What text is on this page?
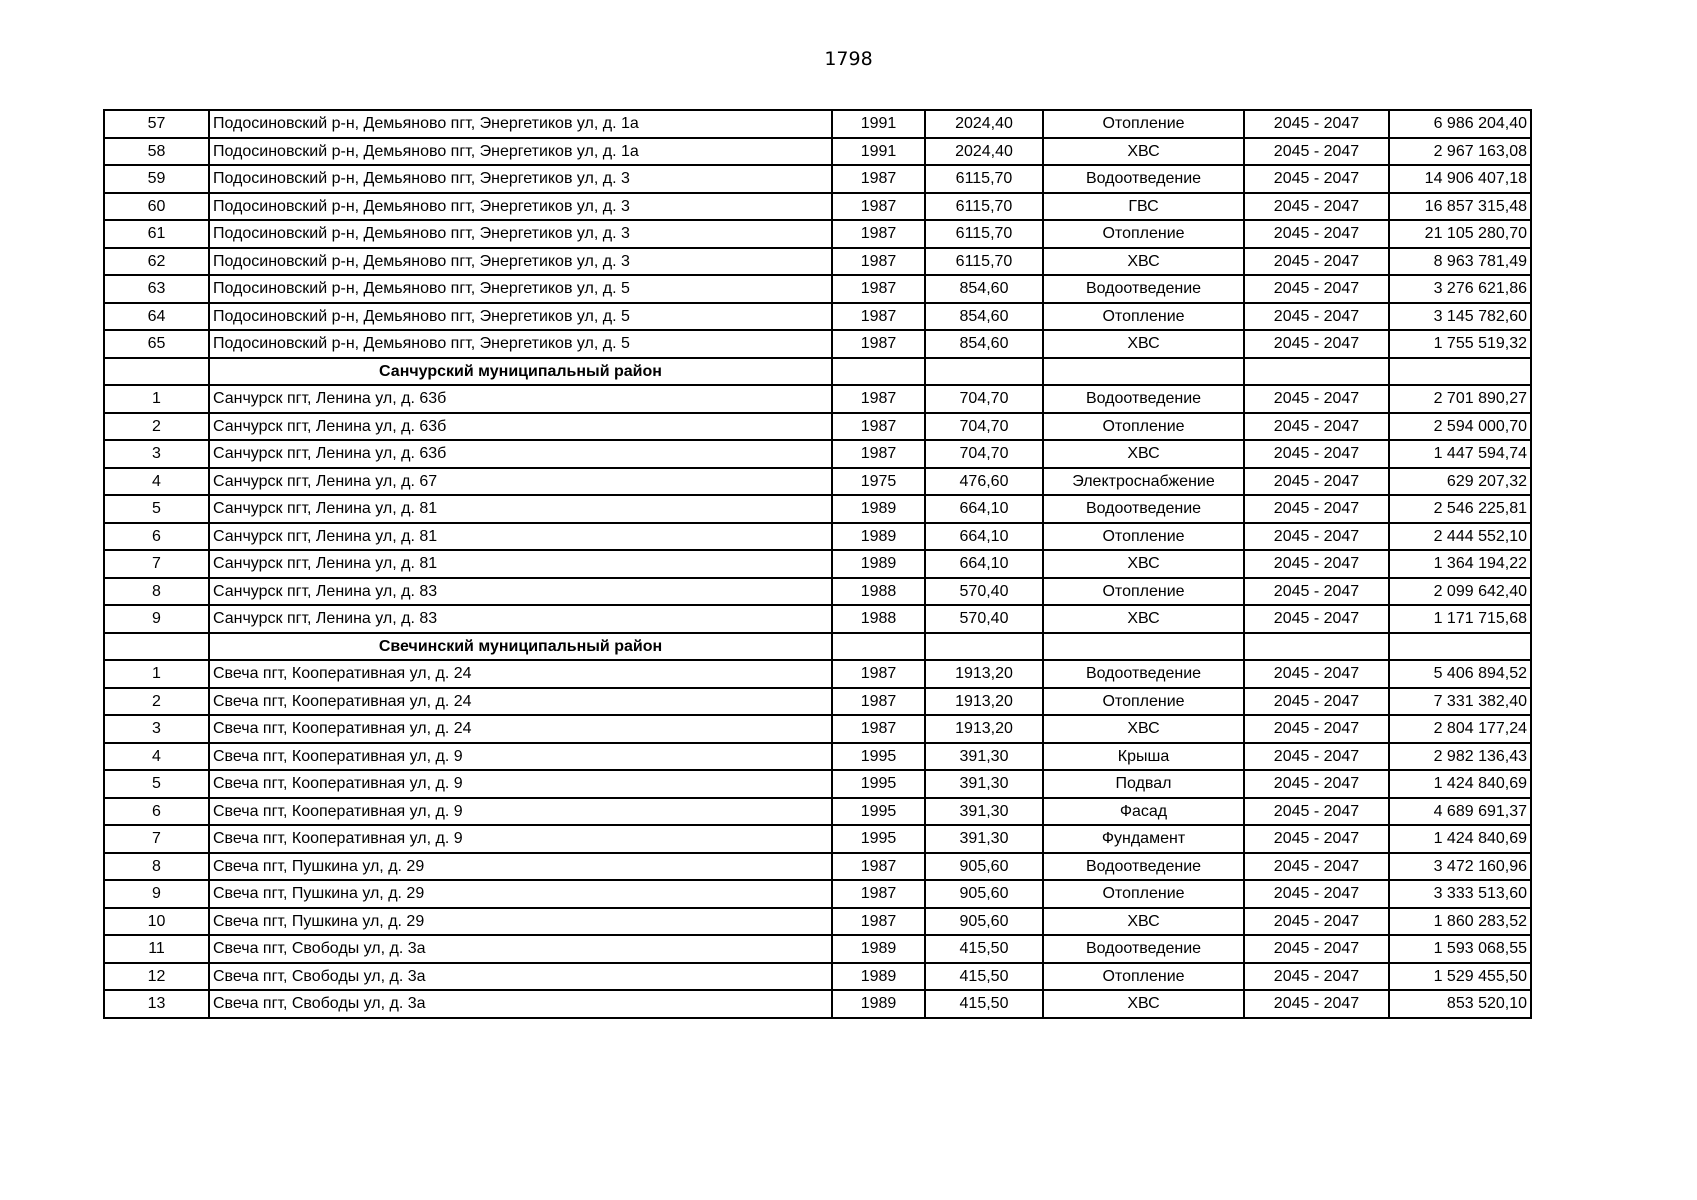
1798
57	Подосиновский р-н, Демьяново пгт, Энергетиков ул, д. 1а	1991	2024,40	Отопление	2045 - 2047	6 986 204,40
58	Подосиновский р-н, Демьяново пгт, Энергетиков ул, д. 1а	1991	2024,40	ХВС	2045 - 2047	2 967 163,08
59	Подосиновский р-н, Демьяново пгт, Энергетиков ул, д. 3	1987	6115,70	Водоотведение	2045 - 2047	14 906 407,18
60	Подосиновский р-н, Демьяново пгт, Энергетиков ул, д. 3	1987	6115,70	ГВС	2045 - 2047	16 857 315,48
61	Подосиновский р-н, Демьяново пгт, Энергетиков ул, д. 3	1987	6115,70	Отопление	2045 - 2047	21 105 280,70
62	Подосиновский р-н, Демьяново пгт, Энергетиков ул, д. 3	1987	6115,70	ХВС	2045 - 2047	8 963 781,49
63	Подосиновский р-н, Демьяново пгт, Энергетиков ул, д. 5	1987	854,60	Водоотведение	2045 - 2047	3 276 621,86
64	Подосиновский р-н, Демьяново пгт, Энергетиков ул, д. 5	1987	854,60	Отопление	2045 - 2047	3 145 782,60
65	Подосиновский р-н, Демьяново пгт, Энергетиков ул, д. 5	1987	854,60	ХВС	2045 - 2047	1 755 519,32
	Санчурский муниципальный район					
1	Санчурск пгт, Ленина ул, д. 63б	1987	704,70	Водоотведение	2045 - 2047	2 701 890,27
2	Санчурск пгт, Ленина ул, д. 63б	1987	704,70	Отопление	2045 - 2047	2 594 000,70
3	Санчурск пгт, Ленина ул, д. 63б	1987	704,70	ХВС	2045 - 2047	1 447 594,74
4	Санчурск пгт, Ленина ул, д. 67	1975	476,60	Электроснабжение	2045 - 2047	629 207,32
5	Санчурск пгт, Ленина ул, д. 81	1989	664,10	Водоотведение	2045 - 2047	2 546 225,81
6	Санчурск пгт, Ленина ул, д. 81	1989	664,10	Отопление	2045 - 2047	2 444 552,10
7	Санчурск пгт, Ленина ул, д. 81	1989	664,10	ХВС	2045 - 2047	1 364 194,22
8	Санчурск пгт, Ленина ул, д. 83	1988	570,40	Отопление	2045 - 2047	2 099 642,40
9	Санчурск пгт, Ленина ул, д. 83	1988	570,40	ХВС	2045 - 2047	1 171 715,68
	Свечинский муниципальный район					
1	Свеча пгт, Кооперативная ул, д. 24	1987	1913,20	Водоотведение	2045 - 2047	5 406 894,52
2	Свеча пгт, Кооперативная ул, д. 24	1987	1913,20	Отопление	2045 - 2047	7 331 382,40
3	Свеча пгт, Кооперативная ул, д. 24	1987	1913,20	ХВС	2045 - 2047	2 804 177,24
4	Свеча пгт, Кооперативная ул, д. 9	1995	391,30	Крыша	2045 - 2047	2 982 136,43
5	Свеча пгт, Кооперативная ул, д. 9	1995	391,30	Подвал	2045 - 2047	1 424 840,69
6	Свеча пгт, Кооперативная ул, д. 9	1995	391,30	Фасад	2045 - 2047	4 689 691,37
7	Свеча пгт, Кооперативная ул, д. 9	1995	391,30	Фундамент	2045 - 2047	1 424 840,69
8	Свеча пгт, Пушкина ул, д. 29	1987	905,60	Водоотведение	2045 - 2047	3 472 160,96
9	Свеча пгт, Пушкина ул, д. 29	1987	905,60	Отопление	2045 - 2047	3 333 513,60
10	Свеча пгт, Пушкина ул, д. 29	1987	905,60	ХВС	2045 - 2047	1 860 283,52
11	Свеча пгт, Свободы ул, д. 3а	1989	415,50	Водоотведение	2045 - 2047	1 593 068,55
12	Свеча пгт, Свободы ул, д. 3а	1989	415,50	Отопление	2045 - 2047	1 529 455,50
13	Свеча пгт, Свободы ул, д. 3а	1989	415,50	ХВС	2045 - 2047	853 520,10
